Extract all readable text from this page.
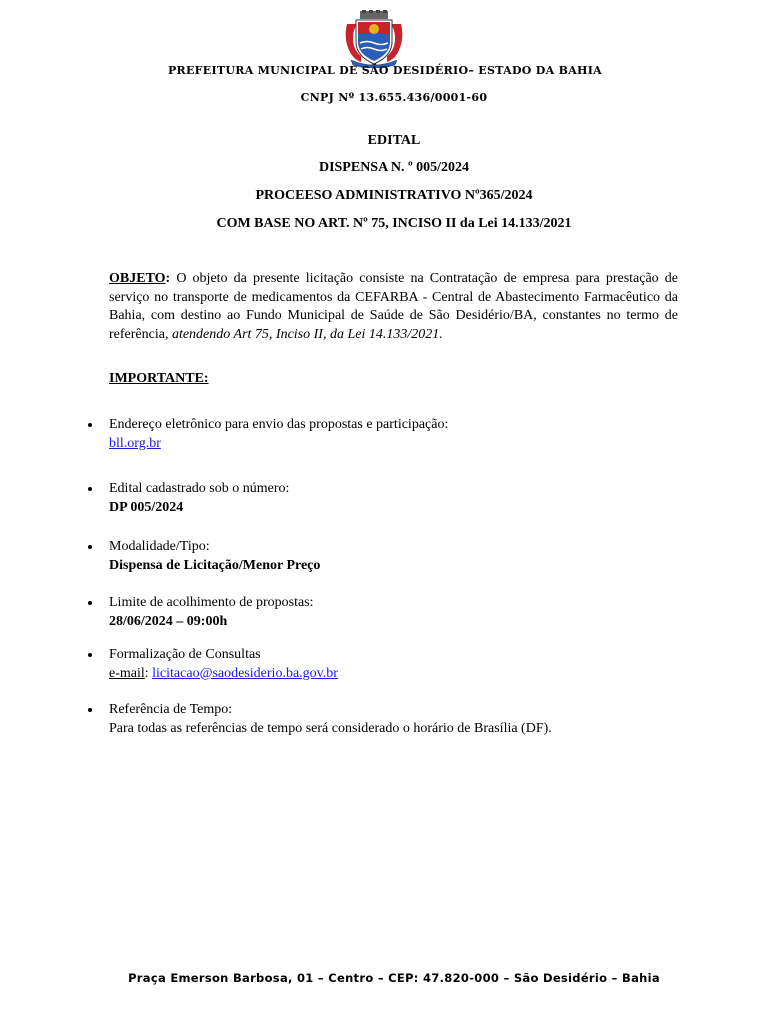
PREFEITURA MUNICIPAL DE SÃO DESIDÉRIO– ESTADO DA BAHIA
CNPJ Nº 13.655.436/0001-60
EDITAL
DISPENSA N. º 005/2024
PROCEESO ADMINISTRATIVO Nº365/2024
COM BASE NO ART. Nº 75, INCISO II da Lei 14.133/2021
OBJETO: O objeto da presente licitação consiste na Contratação de empresa para prestação de serviço no transporte de medicamentos da CEFARBA - Central de Abastecimento Farmacêutico da Bahia, com destino ao Fundo Municipal de Saúde de São Desidério/BA, constantes no termo de referência, atendendo Art 75, Inciso II, da Lei 14.133/2021.
IMPORTANTE:
Endereço eletrônico para envio das propostas e participação:
bll.org.br
Edital cadastrado sob o número:
DP 005/2024
Modalidade/Tipo:
Dispensa de Licitação/Menor Preço
Limite de acolhimento de propostas:
28/06/2024 – 09:00h
Formalização de Consultas
e-mail: licitacao@saodesiderio.ba.gov.br
Referência de Tempo:
Para todas as referências de tempo será considerado o horário de Brasília (DF).
Praça Emerson Barbosa, 01 – Centro – CEP: 47.820-000 – São Desidério – Bahia
